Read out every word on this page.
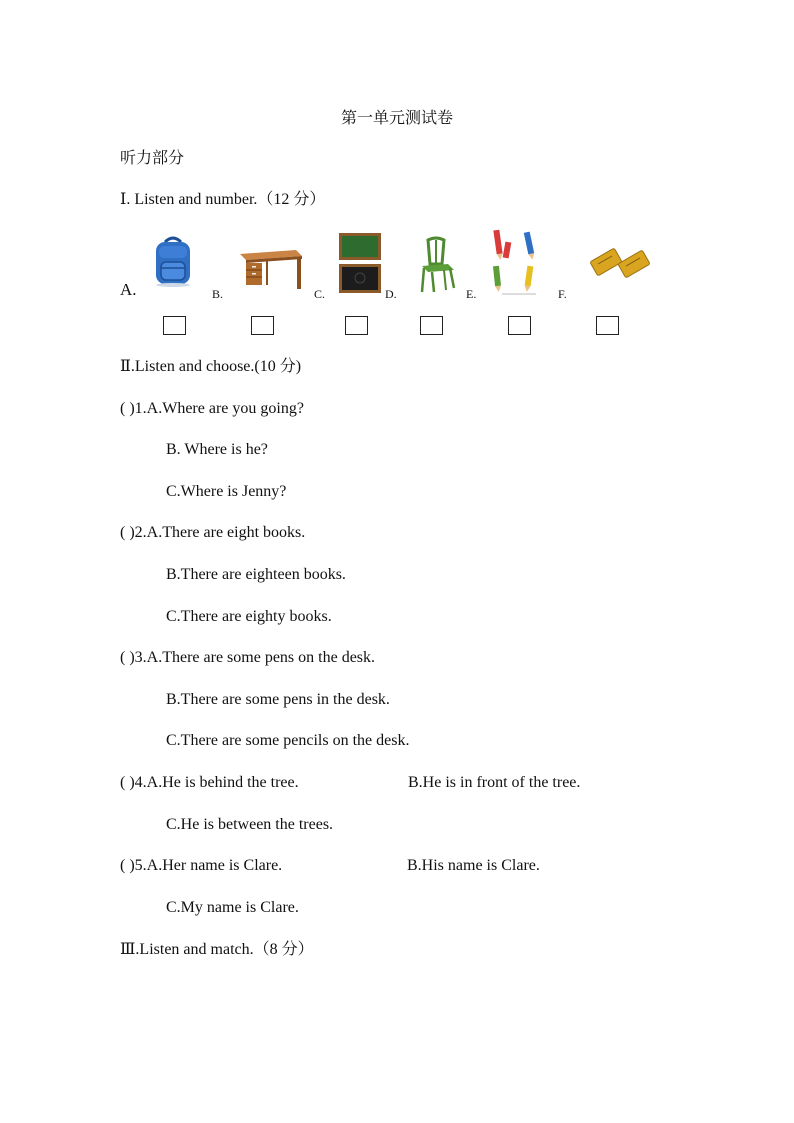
第一单元测试卷
听力部分
Ⅰ. Listen and number.（12 分）
A.	B.	C.	D.	E.	F.
Ⅱ.Listen and choose.(10 分)
( )1.A.Where are you going?
B. Where is he?
C.Where is Jenny?
( )2.A.There are eight books.
B.There are eighteen books.
C.There are eighty books.
( )3.A.There are some pens on the desk.
B.There are some pens in the desk.
C.There are some pencils on the desk.
( )4.A.He is behind the tree.	B.He is in front of the tree.
C.He is between the trees.
( )5.A.Her name is Clare.	B.His name is Clare.
C.My name is Clare.
Ⅲ.Listen and match.（8 分）
